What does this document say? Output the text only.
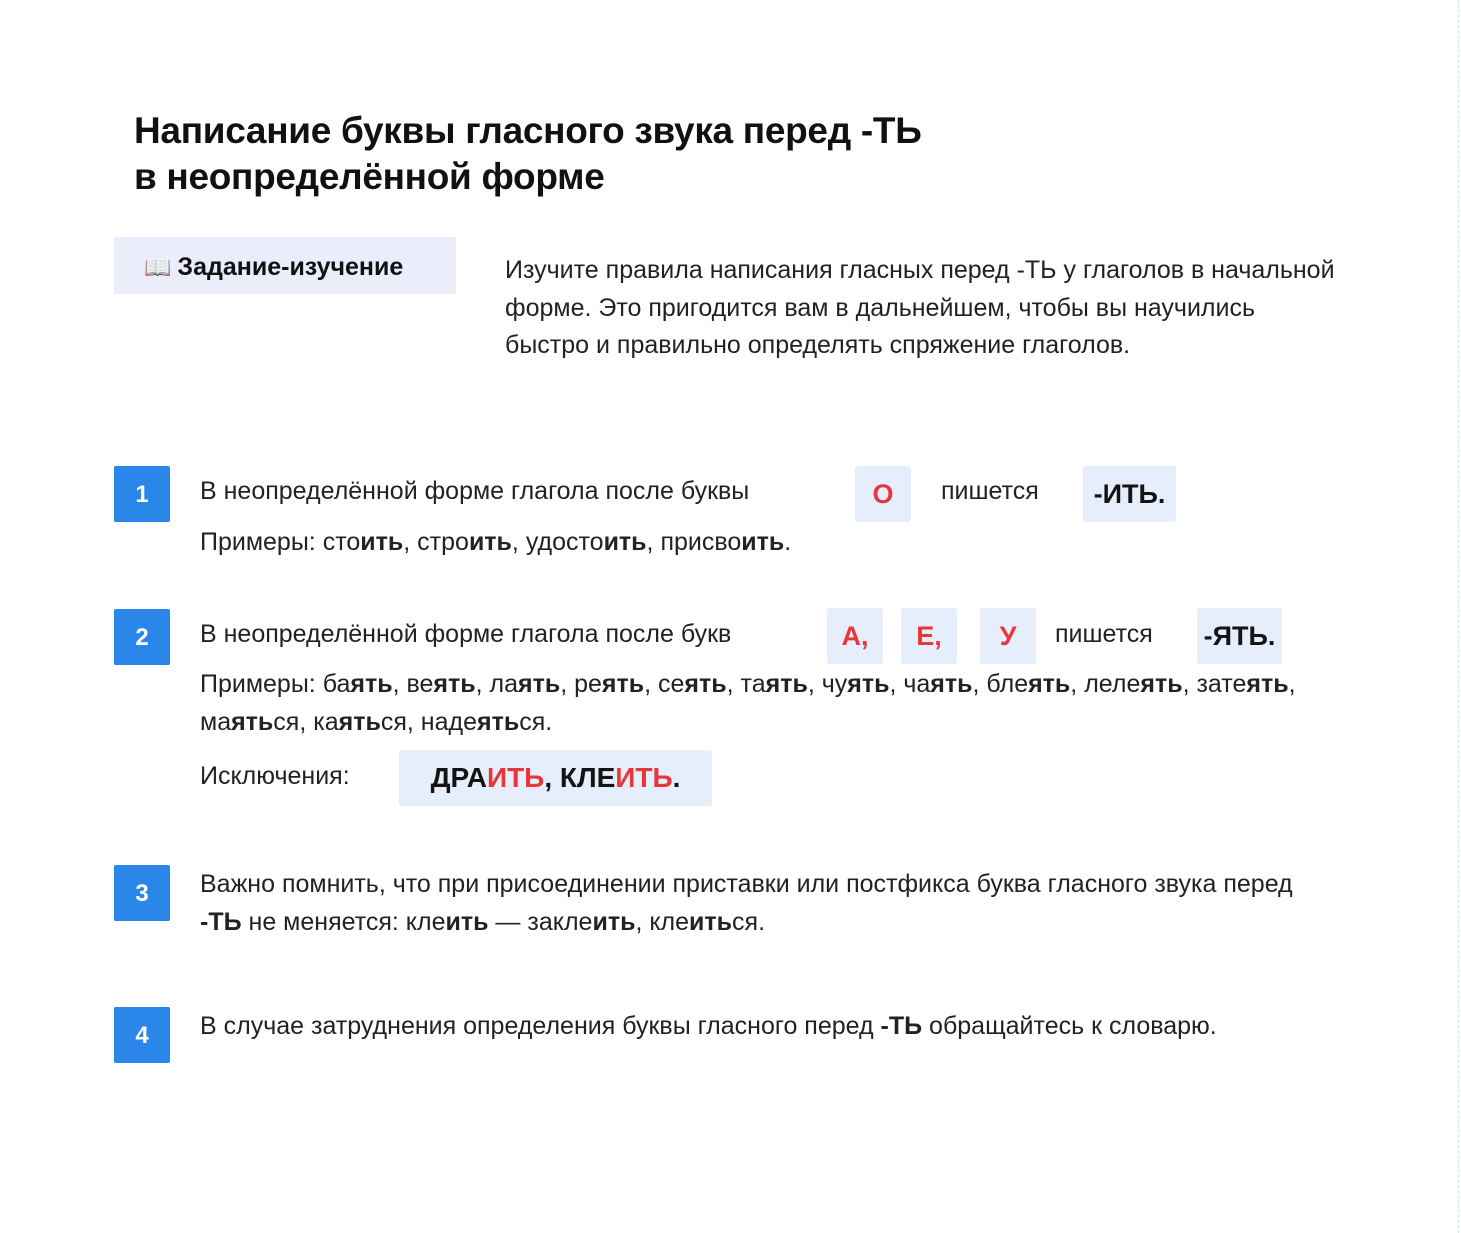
Написание буквы гласного звука перед -ТЬ
в неопределённой форме
📖 Задание-изучение	Изучите правила написания гласных перед -ТЬ у глаголов в начальной форме. Это пригодится вам в дальнейшем, чтобы вы научились быстро и правильно определять спряжение глаголов.

1	В неопределённой форме глагола после буквы	О	пишется	-ИТЬ.

Примеры: стоить, строить, удостоить, присвоить.

2	В неопределённой форме глагола после букв	А,	Е,	У	пишется -ЯТЬ.

Примеры: баять, веять, лаять, реять, сеять, таять, чуять, чаять, блеять, лелеять, затеять, маяться, каяться, надеяться.

Исключения:	ДРА ИТЬ ,
КЛЕ ИТЬ .
3	Важно помнить, что при присоединении приставки или постфикса буква гласного звука перед -ТЬ не меняется: клеить — заклеить, клеиться.

4	В случае затруднения определения буквы гласного перед -ТЬ обращайтесь к словарю.
